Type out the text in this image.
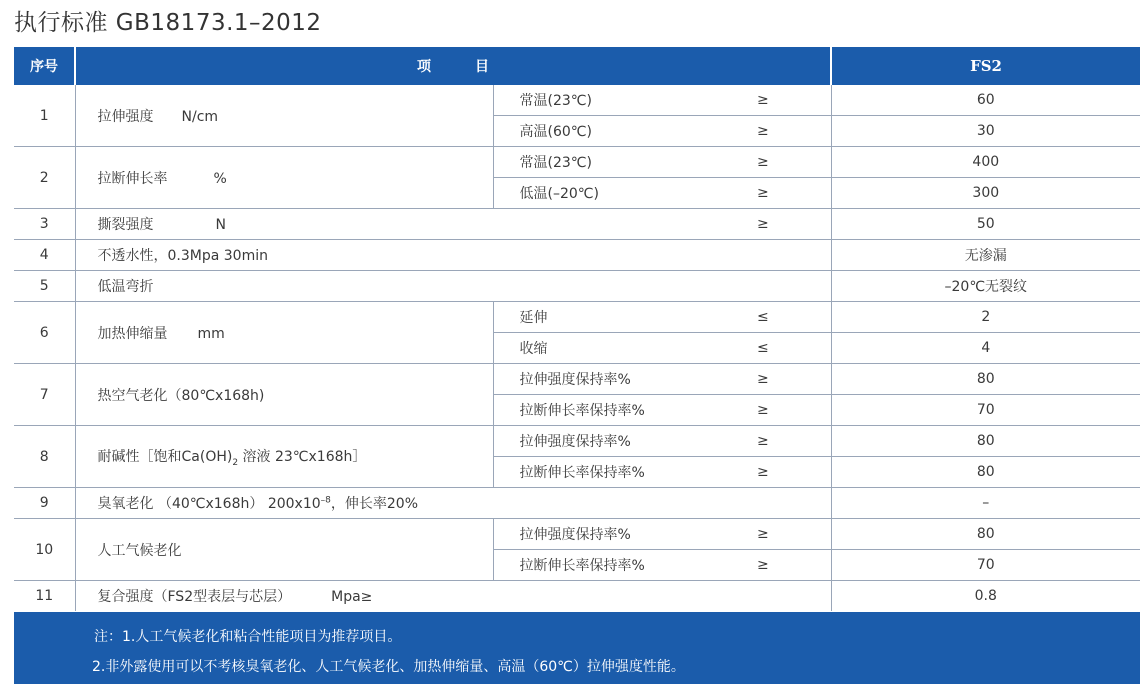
执行标准 GB18173.1–2012
序号	项目			FS2
1	拉伸强度 N/cm	常温(23℃)	≥	60
		高温(60℃)	≥	30
2	拉断伸长率 %	常温(23℃)	≥	400
		低温(–20℃)	≥	300
3	撕裂强度 N		≥	50
4	不透水性，0.3Mpa 30min			无渗漏
5	低温弯折			–20℃无裂纹
6	加热伸缩量 mm	延伸	≤	2
		收缩	≤	4
7	热空气老化（80℃x168h)	拉伸强度保持率%	≥	80
		拉断伸长率保持率%	≥	70
8	耐碱性［饱和$Ca(OH)_2$ 溶液 23℃x168h］	拉伸强度保持率%	≥	80
		拉断伸长率保持率%	≥	80
9	臭氧老化 （40℃x168h） $200x10^{-8}$，伸长率20%			–
10	人工气候老化	拉伸强度保持率%	≥	80
		拉断伸长率保持率%	≥	70
11	复合强度（FS2型表层与芯层） Mpa≥			0.8
注：1.人工气候老化和粘合性能项目为推荐项目。
2.非外露使用可以不考核臭氧老化、人工气候老化、加热伸缩量、高温（60℃）拉伸强度性能。
